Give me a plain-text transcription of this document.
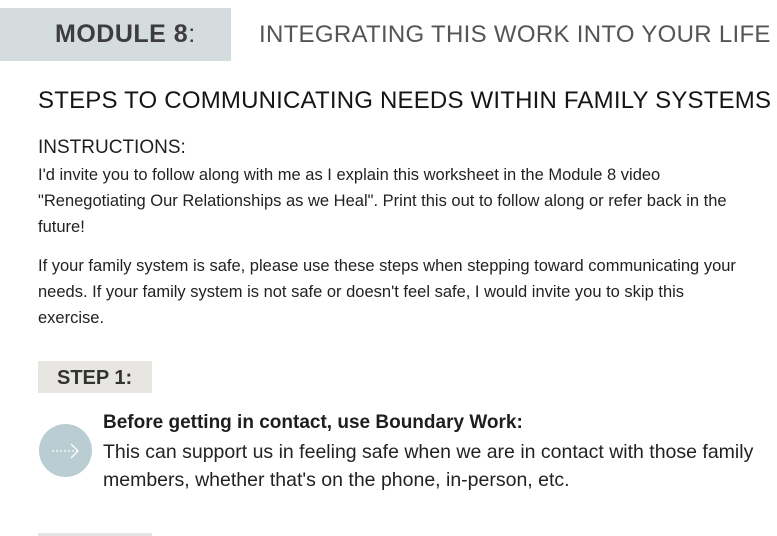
MODULE 8:	INTEGRATING THIS WORK INTO YOUR LIFE
STEPS TO COMMUNICATING NEEDS WITHIN FAMILY SYSTEMS
INSTRUCTIONS:
I'd invite you to follow along with me as I explain this worksheet in the Module 8 video "Renegotiating Our Relationships as we Heal". Print this out to follow along or refer back in the future!
If your family system is safe, please use these steps when stepping toward communicating your needs. If your family system is not safe or doesn't feel safe, I would invite you to skip this exercise.
STEP 1:
Before getting in contact, use Boundary Work:
This can support us in feeling safe when we are in contact with those family members, whether that's on the phone, in-person, etc.
